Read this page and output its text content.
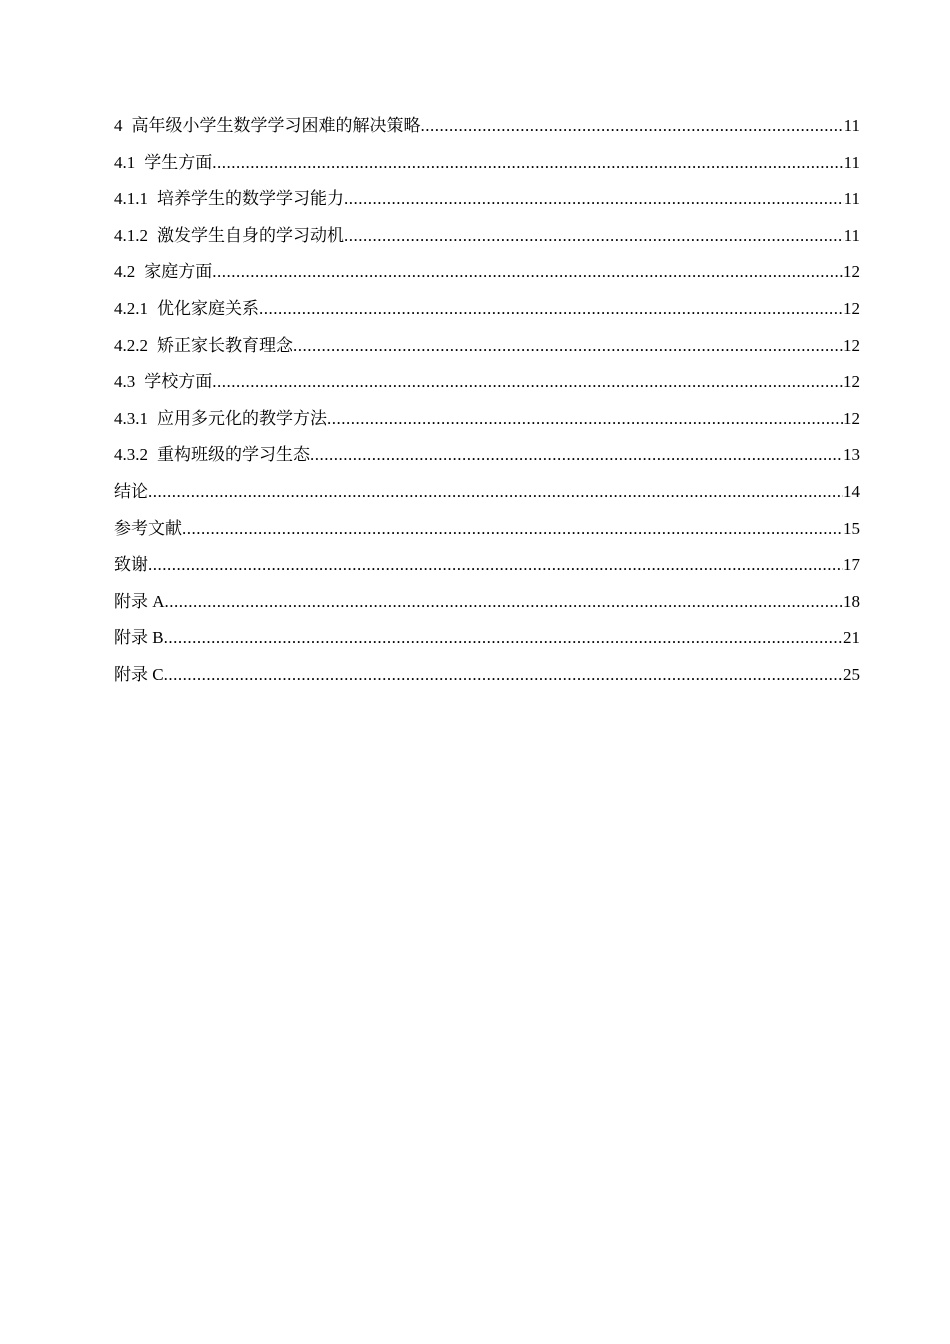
4 高年级小学生数学学习困难的解决策略 .....	11
4.1 学生方面 .....	11
4.1.1 培养学生的数学学习能力 .....	11
4.1.2 激发学生自身的学习动机 .....	11
4.2 家庭方面 .....	12
4.2.1 优化家庭关系 .....	12
4.2.2 矫正家长教育理念 .....	12
4.3 学校方面 .....	12
4.3.1 应用多元化的教学方法 .....	12
4.3.2 重构班级的学习生态 .....	13
结论 .....	14
参考文献 .....	15
致谢 .....	17
附录 A .....	18
附录 B .....	21
附录 C .....	25
